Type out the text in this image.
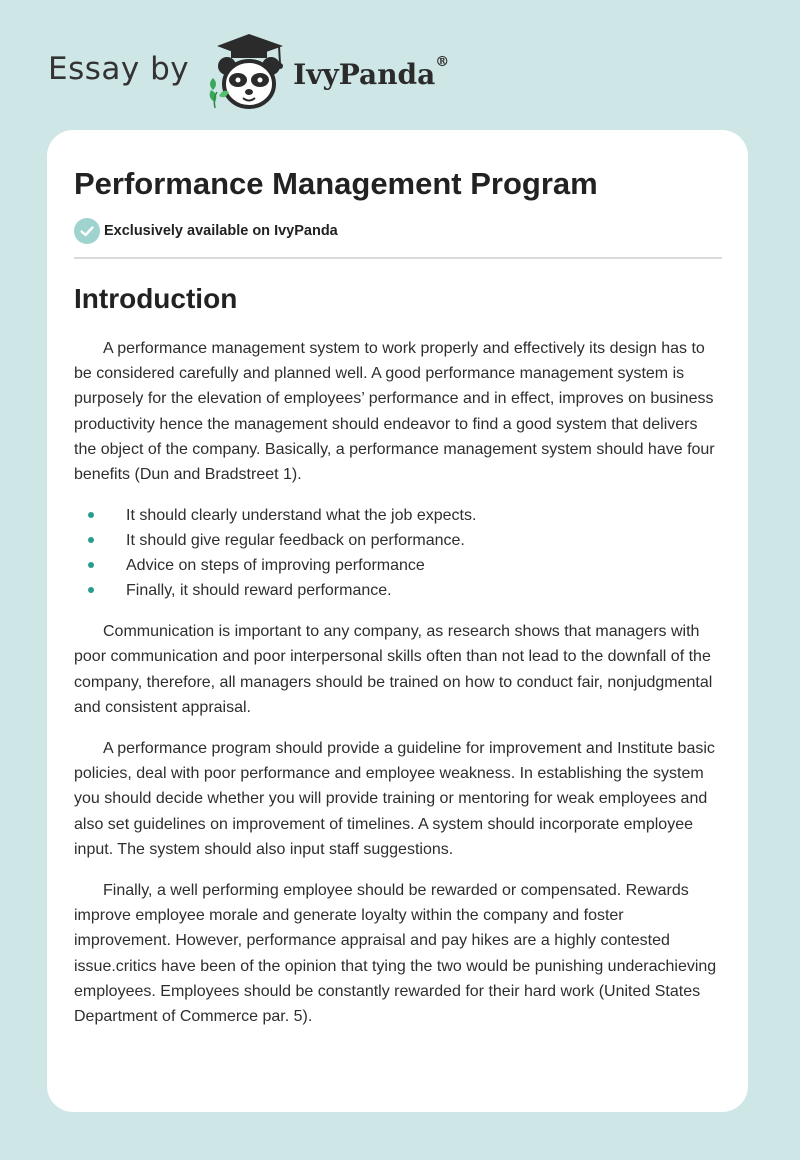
Essay by	IvyPanda®
Performance Management Program
Exclusively available on IvyPanda
Introduction

A performance management system to work properly and effectively its design has to be considered carefully and planned well. A good performance management system is purposely for the elevation of employees’ performance and in effect, improves on business productivity hence the management should endeavor to find a good system that delivers the object of the company. Basically, a performance management system should have four benefits (Dun and Bradstreet 1).

It should clearly understand what the job expects.
It should give regular feedback on performance.
Advice on steps of improving performance
Finally, it should reward performance.

Communication is important to any company, as research shows that managers with poor communication and poor interpersonal skills often than not lead to the downfall of the company, therefore, all managers should be trained on how to conduct fair, nonjudgmental and consistent appraisal.

A performance program should provide a guideline for improvement and Institute basic policies, deal with poor performance and employee weakness. In establishing the system you should decide whether you will provide training or mentoring for weak employees and also set guidelines on improvement of timelines. A system should incorporate employee input. The system should also input staff suggestions.

Finally, a well performing employee should be rewarded or compensated. Rewards improve employee morale and generate loyalty within the company and foster improvement. However, performance appraisal and pay hikes are a highly contested issue.critics have been of the opinion that tying the two would be punishing underachieving employees. Employees should be constantly rewarded for their hard work (United States Department of Commerce par. 5).
